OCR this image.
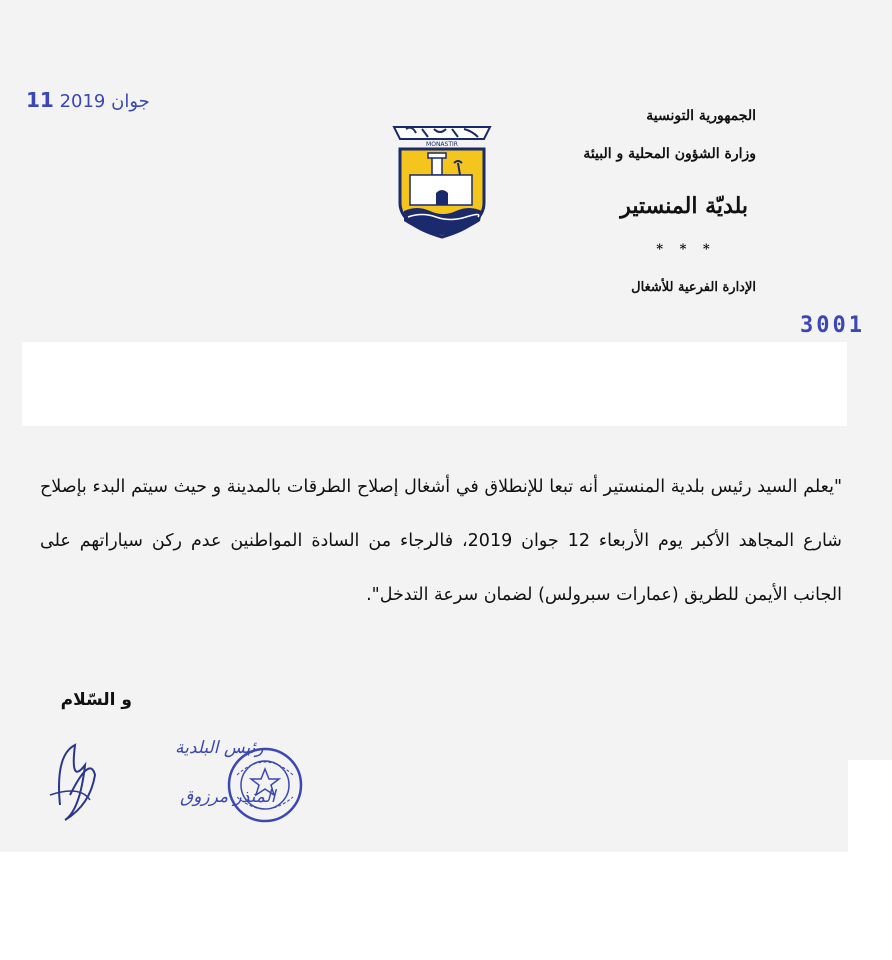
جوان 2019 11
الجمهورية التونسية
وزارة الشؤون المحلية و البيئة
بلديّة المنستير
* * *
الإدارة الفرعية للأشغال
MONASTIR
3001
"يعلم السيد رئيس بلدية المنستير أنه تبعا للإنطلاق في أشغال إصلاح الطرقات بالمدينة و حيث سيتم البدء بإصلاح شارع المجاهد الأكبر يوم الأربعاء 12 جوان 2019، فالرجاء من السادة المواطنين عدم ركن سياراتهم على الجانب الأيمن للطريق (عمارات سبرولس) لضمان سرعة التدخل".
و السّلام
رئيس البلدية
المنذر مرزوق
